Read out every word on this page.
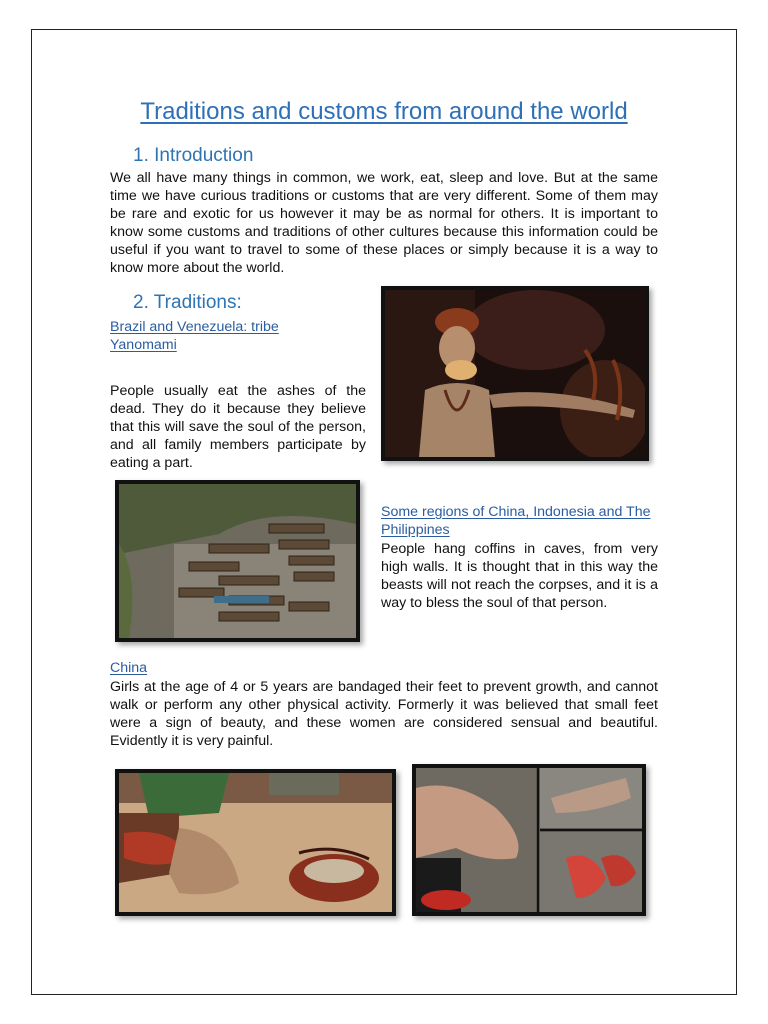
Traditions and customs from around the world
1. Introduction

We all have many things in common, we work, eat, sleep and love. But at the same time we have curious traditions or customs that are very different. Some of them may be rare and exotic for us however it may be as normal for others. It is important to know some customs and traditions of other cultures because this information could be useful if you want to travel to some of these places or simply because it is a way to know more about the world.

2. Traditions:
Brazil and Venezuela: tribe Yanomami

People usually eat the ashes of the dead. They do it because they believe that this will save the soul of the person, and all family members participate by eating a part.

Some regions of China, Indonesia and The Philippines

People hang coffins in caves, from very high walls. It is thought that in this way the beasts will not reach the corpses, and it is a way to bless the soul of that person.

China

Girls at the age of 4 or 5 years are bandaged their feet to prevent growth, and cannot walk or perform any other physical activity. Formerly it was believed that small feet were a sign of beauty, and these women are considered sensual and beautiful. Evidently it is very painful.
